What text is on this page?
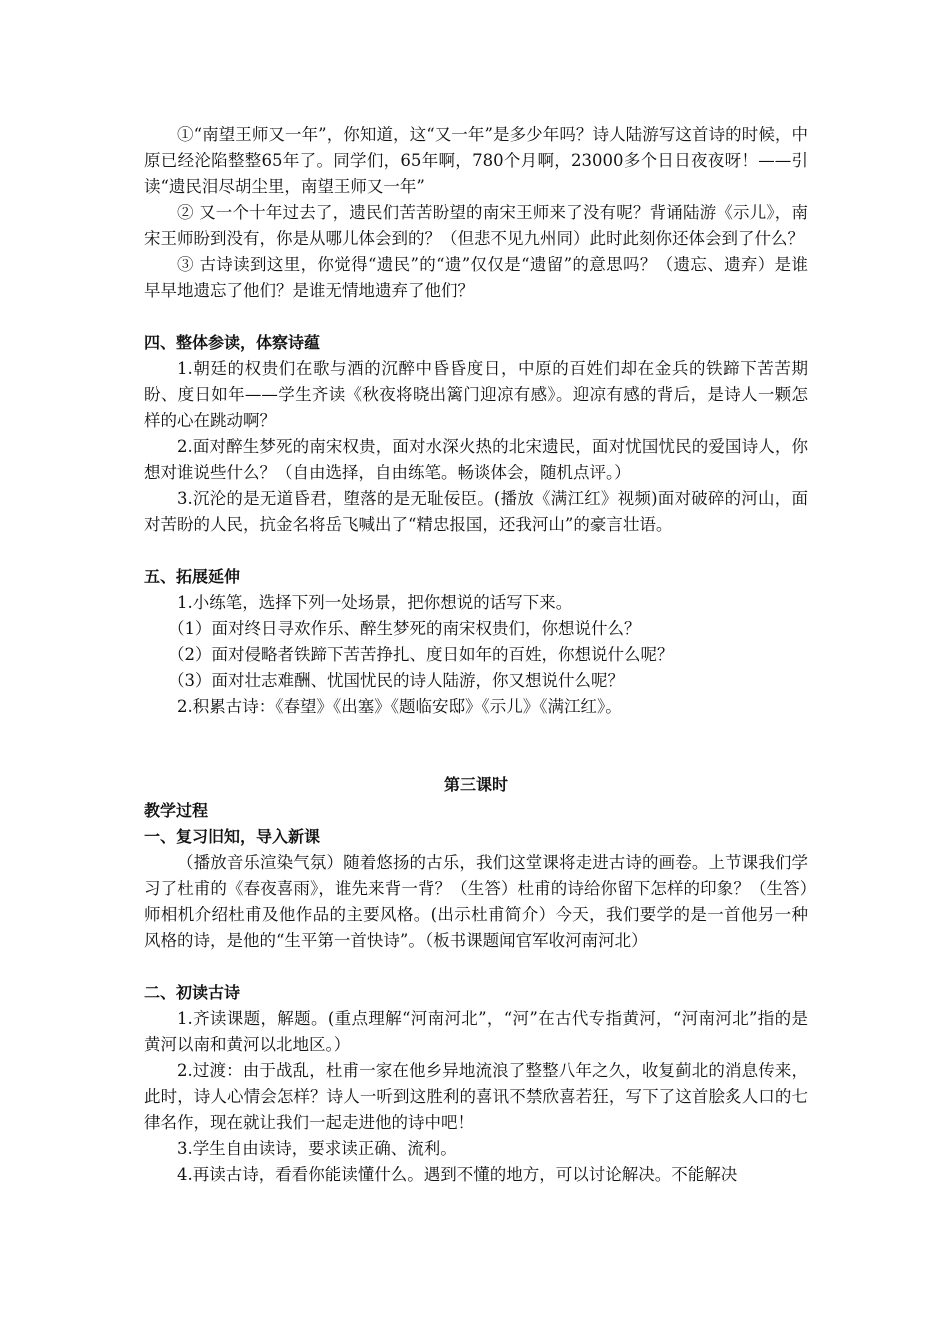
①“南望王师又一年”，你知道，这“又一年”是多少年吗？诗人陆游写这首诗的时候，中原已经沦陷整整65年了。同学们，65年啊，780个月啊，23000多个日日夜夜呀！——引读“遗民泪尽胡尘里，南望王师又一年”

② 又一个十年过去了，遗民们苦苦盼望的南宋王师来了没有呢？背诵陆游《示儿》，南宋王师盼到没有，你是从哪儿体会到的？（但悲不见九州同）此时此刻你还体会到了什么？

③ 古诗读到这里，你觉得“遗民”的“遗”仅仅是“遗留”的意思吗？（遗忘、遗弃）是谁早早地遗忘了他们？是谁无情地遗弃了他们？

四、整体参读，体察诗蕴

1.朝廷的权贵们在歌与酒的沉醉中昏昏度日，中原的百姓们却在金兵的铁蹄下苦苦期盼、度日如年——学生齐读《秋夜将晓出篱门迎凉有感》。迎凉有感的背后，是诗人一颗怎样的心在跳动啊？

2.面对醉生梦死的南宋权贵，面对水深火热的北宋遗民，面对忧国忧民的爱国诗人，你想对谁说些什么？（自由选择，自由练笔。畅谈体会，随机点评。）

3.沉沦的是无道昏君，堕落的是无耻佞臣。(播放《满江红》视频)面对破碎的河山，面对苦盼的人民，抗金名将岳飞喊出了“精忠报国，还我河山”的豪言壮语。

五、拓展延伸

1.小练笔，选择下列一处场景，把你想说的话写下来。

（1）面对终日寻欢作乐、醉生梦死的南宋权贵们，你想说什么？

（2）面对侵略者铁蹄下苦苦挣扎、度日如年的百姓，你想说什么呢？

（3）面对壮志难酬、忧国忧民的诗人陆游，你又想说什么呢？

2.积累古诗：《春望》《出塞》《题临安邸》《示儿》《满江红》。

第三课时

教学过程

一、复习旧知，导入新课

（播放音乐渲染气氛）随着悠扬的古乐，我们这堂课将走进古诗的画卷。上节课我们学习了杜甫的《春夜喜雨》，谁先来背一背？（生答）杜甫的诗给你留下怎样的印象？（生答）师相机介绍杜甫及他作品的主要风格。(出示杜甫简介）今天，我们要学的是一首他另一种风格的诗，是他的“生平第一首快诗”。（板书课题闻官军收河南河北）

二、初读古诗

1.齐读课题，解题。(重点理解“河南河北”，“河”在古代专指黄河，“河南河北”指的是黄河以南和黄河以北地区。）

2.过渡：由于战乱，杜甫一家在他乡异地流浪了整整八年之久，收复蓟北的消息传来，此时，诗人心情会怎样？诗人一听到这胜利的喜讯不禁欣喜若狂，写下了这首脍炙人口的七律名作，现在就让我们一起走进他的诗中吧！

3.学生自由读诗，要求读正确、流利。

4.再读古诗，看看你能读懂什么。遇到不懂的地方，可以讨论解决。不能解决
